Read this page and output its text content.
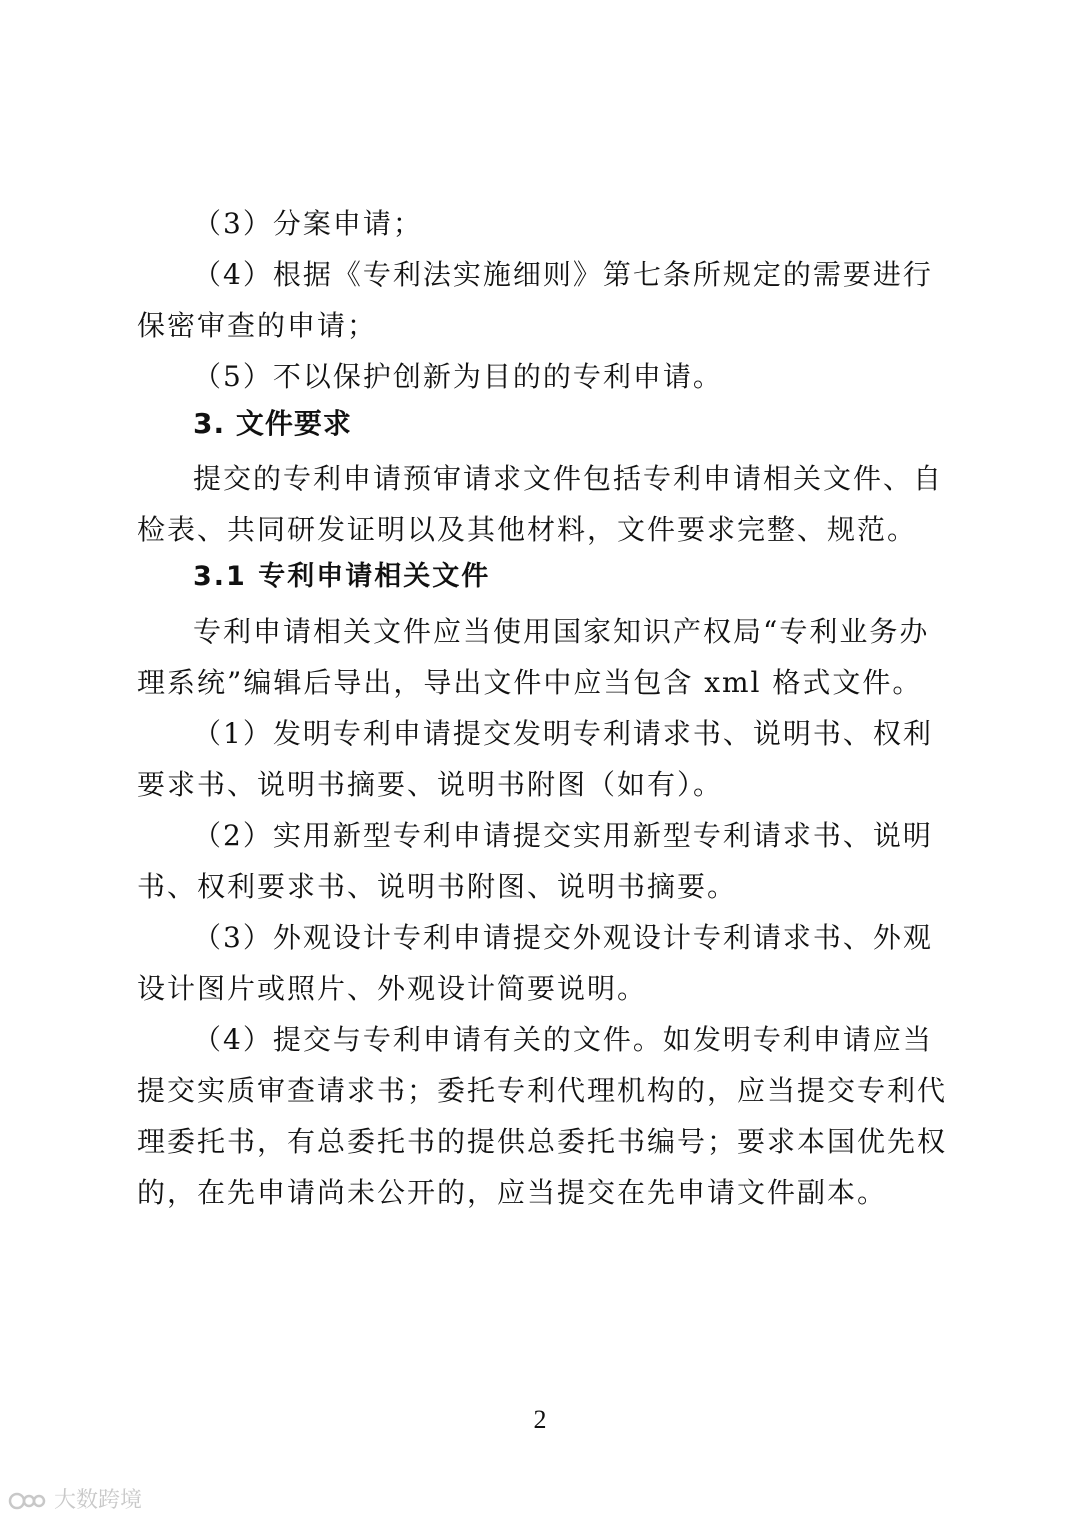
（3）分案申请；

（4）根据《专利法实施细则》第七条所规定的需要进行保密审查的申请；

（5）不以保护创新为目的的专利申请。

3. 文件要求

提交的专利申请预审请求文件包括专利申请相关文件、自检表、共同研发证明以及其他材料，文件要求完整、规范。

3.1 专利申请相关文件

专利申请相关文件应当使用国家知识产权局“专利业务办理系统”编辑后导出，导出文件中应当包含 xml 格式文件。

（1）发明专利申请提交发明专利请求书、说明书、权利要求书、说明书摘要、说明书附图（如有）。

（2）实用新型专利申请提交实用新型专利请求书、说明书、权利要求书、说明书附图、说明书摘要。

（3）外观设计专利申请提交外观设计专利请求书、外观设计图片或照片、外观设计简要说明。

（4）提交与专利申请有关的文件。如发明专利申请应当提交实质审查请求书；委托专利代理机构的，应当提交专利代理委托书，有总委托书的提供总委托书编号；要求本国优先权的，在先申请尚未公开的，应当提交在先申请文件副本。

2
大数跨境
